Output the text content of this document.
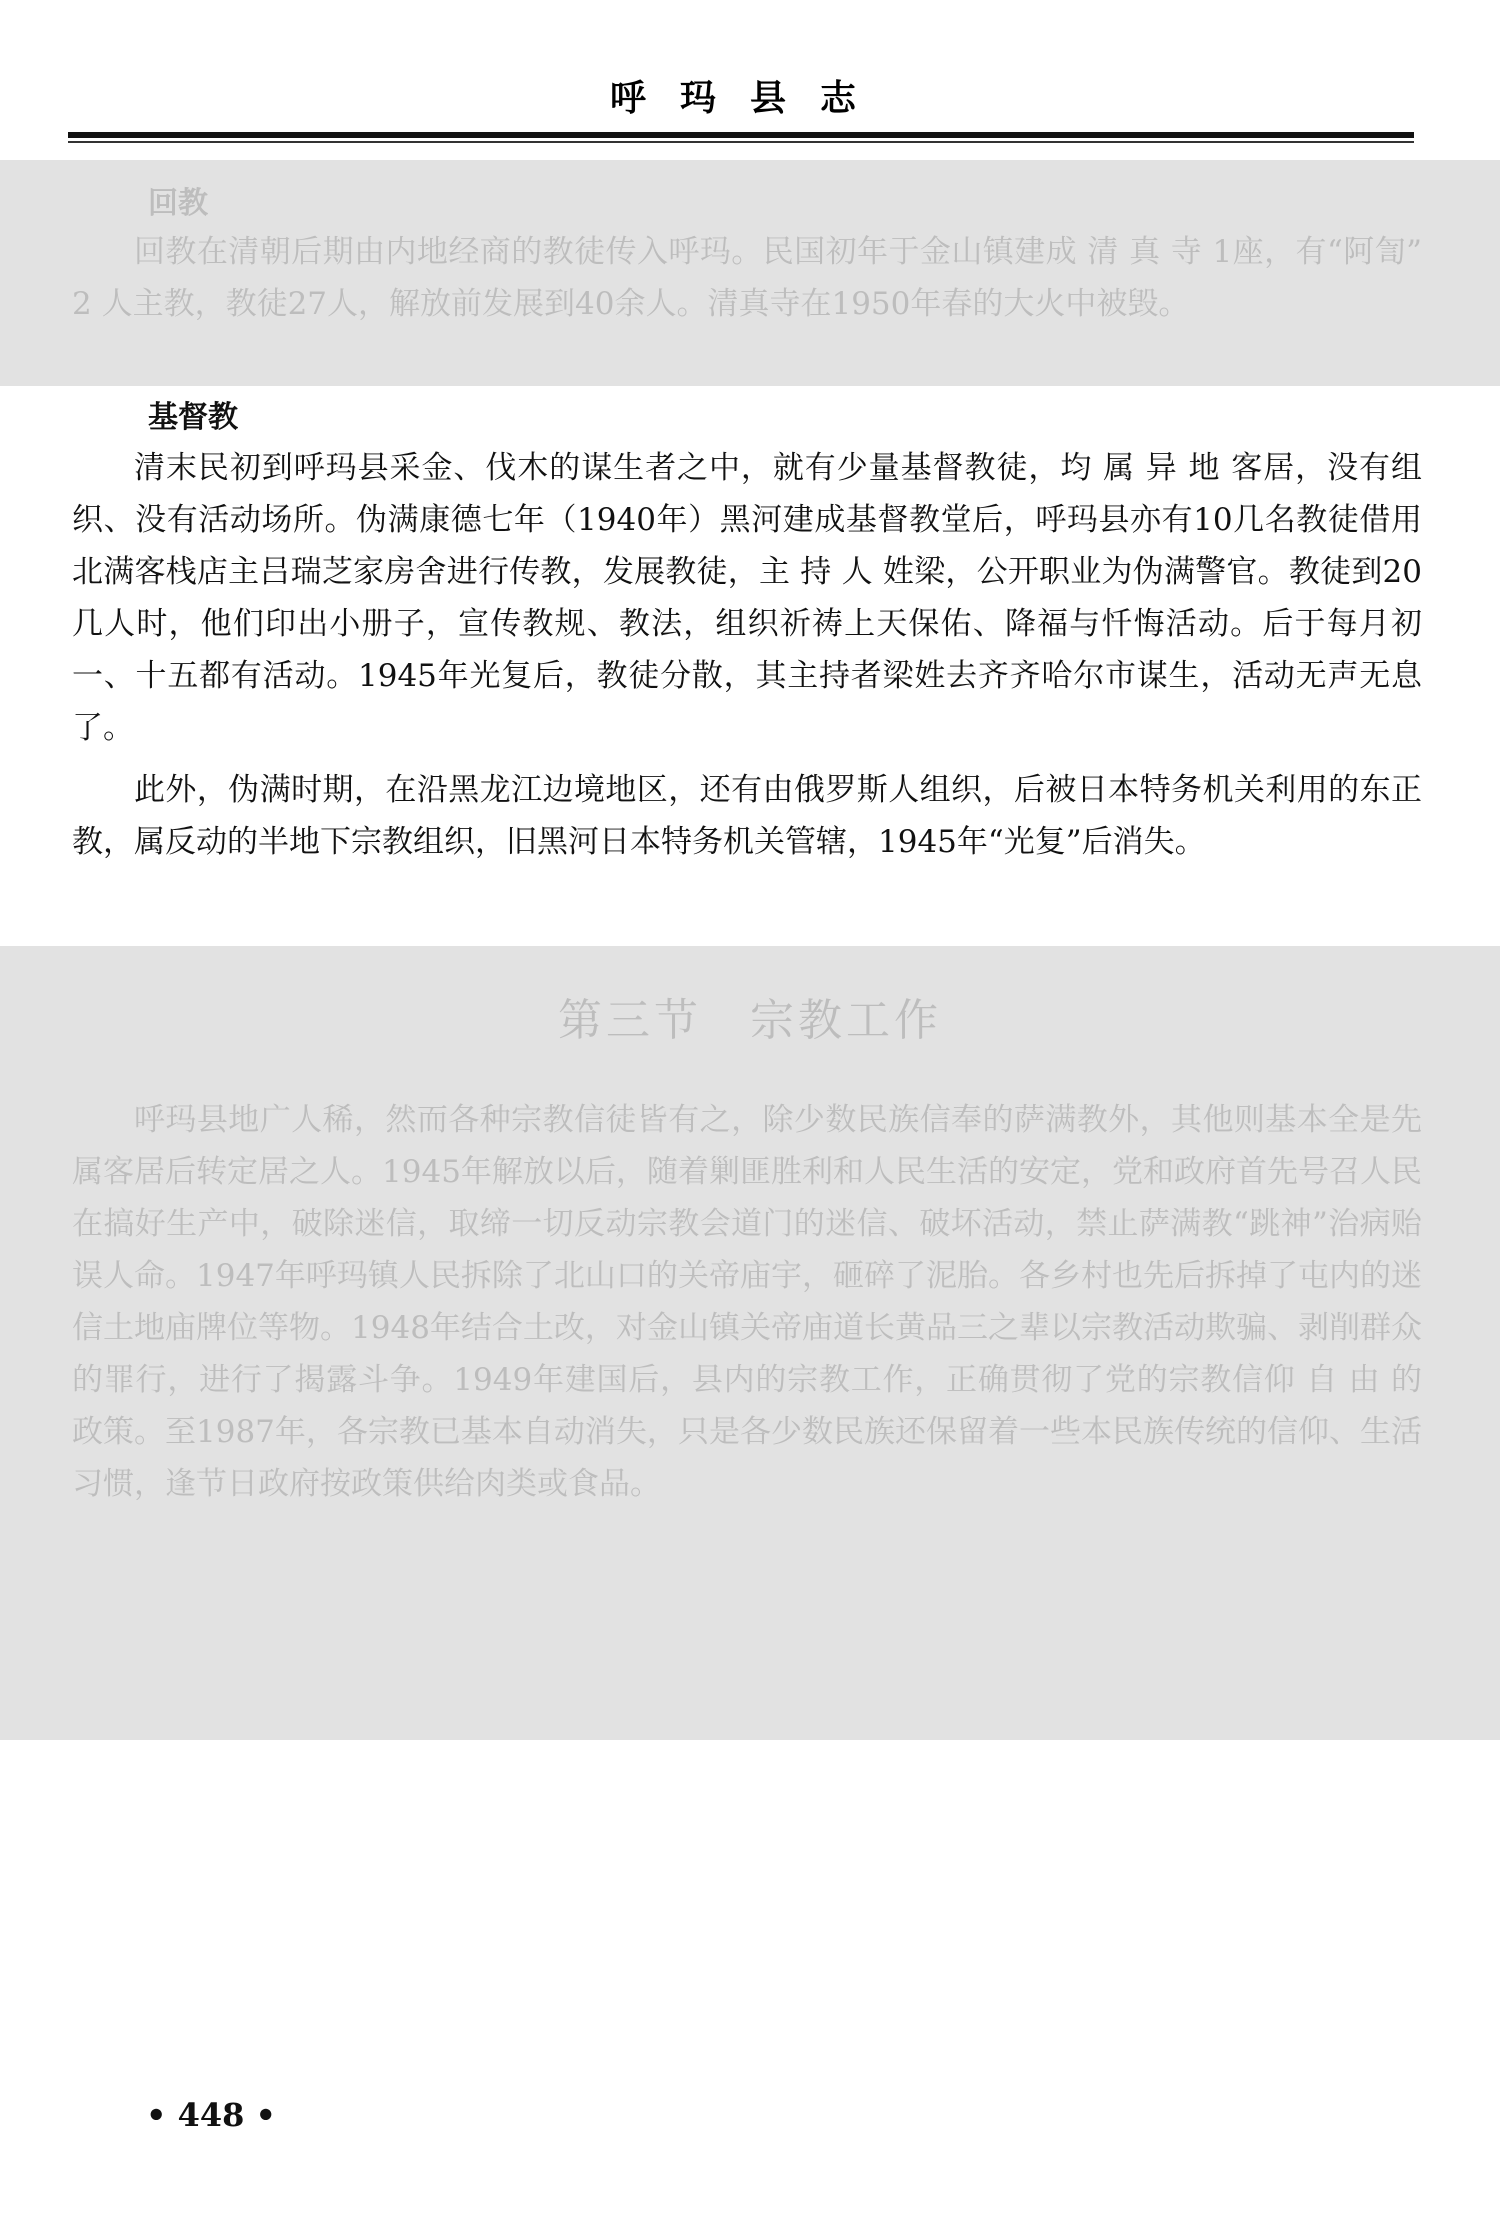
呼玛县志
回教

回教在清朝后期由内地经商的教徒传入呼玛。民国初年于金山镇建成 清 真 寺 1座，有“阿訇” 2 人主教，教徒27人，解放前发展到40余人。清真寺在1950年春的大火中被毁。

基督教

清末民初到呼玛县采金、伐木的谋生者之中，就有少量基督教徒，均 属 异 地 客居，没有组织、没有活动场所。伪满康德七年（1940年）黑河建成基督教堂后，呼玛县亦有10几名教徒借用北满客栈店主吕瑞芝家房舍进行传教，发展教徒，主 持 人 姓梁，公开职业为伪满警官。教徒到20几人时，他们印出小册子，宣传教规、教法，组织祈祷上天保佑、降福与忏悔活动。后于每月初一、十五都有活动。1945年光复后，教徒分散，其主持者梁姓去齐齐哈尔市谋生，活动无声无息了。

此外，伪满时期，在沿黑龙江边境地区，还有由俄罗斯人组织，后被日本特务机关利用的东正教，属反动的半地下宗教组织，旧黑河日本特务机关管辖，1945年“光复”后消失。

第三节 宗教工作

呼玛县地广人稀，然而各种宗教信徒皆有之，除少数民族信奉的萨满教外，其他则基本全是先属客居后转定居之人。1945年解放以后，随着剿匪胜利和人民生活的安定，党和政府首先号召人民在搞好生产中，破除迷信，取缔一切反动宗教会道门的迷信、破坏活动，禁止萨满教“跳神”治病贻误人命。1947年呼玛镇人民拆除了北山口的关帝庙宇，砸碎了泥胎。各乡村也先后拆掉了屯内的迷信土地庙牌位等物。1948年结合土改，对金山镇关帝庙道长黄品三之辈以宗教活动欺骗、剥削群众的罪行，进行了揭露斗争。1949年建国后，县内的宗教工作，正确贯彻了党的宗教信仰 自 由 的 政策。至1987年，各宗教已基本自动消失，只是各少数民族还保留着一些本民族传统的信仰、生活习惯，逢节日政府按政策供给肉类或食品。

• 448 •
